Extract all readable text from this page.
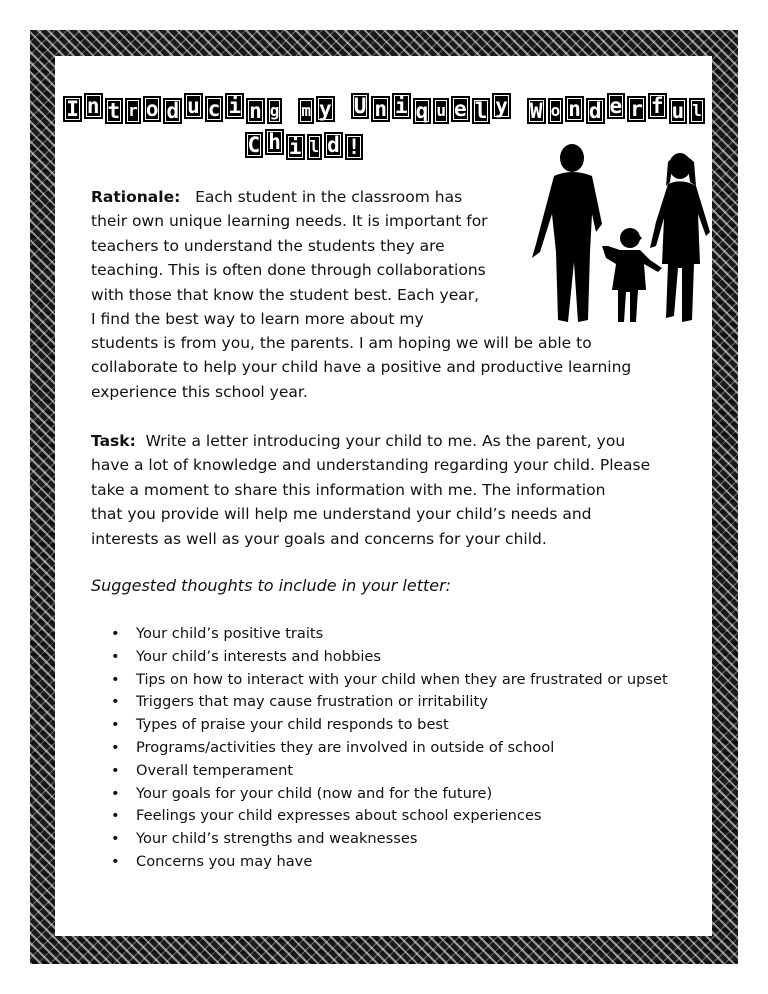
I n t r o d u c i n g m y U n i q u e l y W o n d e r f u l
C h i l d !
Rationale: Each student in the classroom has
their own unique learning needs. It is important for
teachers to understand the students they are
teaching. This is often done through collaborations
with those that know the student best. Each year,
I find the best way to learn more about my
students is from you, the parents. I am hoping we will be able to
collaborate to help your child have a positive and productive learning
experience this school year.
Task: Write a letter introducing your child to me. As the parent, you
have a lot of knowledge and understanding regarding your child. Please
take a moment to share this information with me. The information
that you provide will help me understand your child’s needs and
interests as well as your goals and concerns for your child.
Suggested thoughts to include in your letter:
• Your child’s positive traits
• Your child’s interests and hobbies
• Tips on how to interact with your child when they are frustrated or upset
• Triggers that may cause frustration or irritability
• Types of praise your child responds to best
• Programs/activities they are involved in outside of school
• Overall temperament
• Your goals for your child (now and for the future)
• Feelings your child expresses about school experiences
• Your child’s strengths and weaknesses
• Concerns you may have
